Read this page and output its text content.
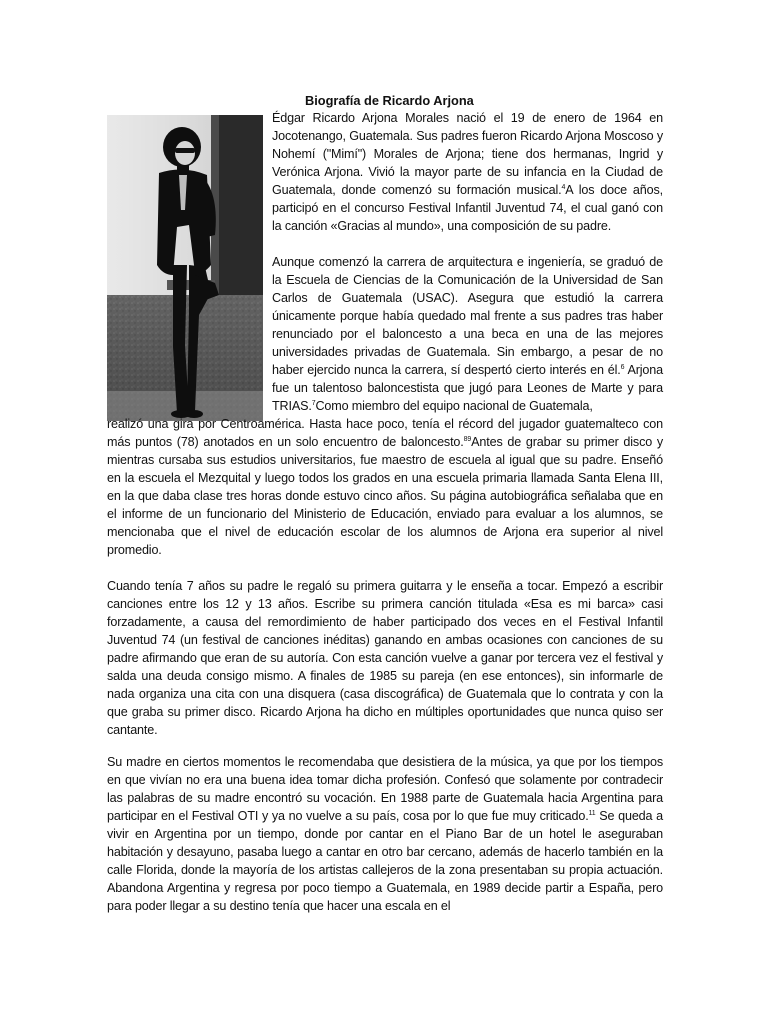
Biografía de Ricardo Arjona

Édgar Ricardo Arjona Morales nació el 19 de enero de 1964 en Jocotenango, Guatemala. Sus padres fueron Ricardo Arjona Moscoso y Nohemí ("Mimí") Morales de Arjona; tiene dos hermanas, Ingrid y Verónica Arjona. Vivió la mayor parte de su infancia en la Ciudad de Guatemala, donde comenzó su formación musical.$^4$A los doce años, participó en el concurso Festival Infantil Juventud 74, el cual ganó con la canción «Gracias al mundo», una composición de su padre.

Aunque comenzó la carrera de arquitectura e ingeniería, se graduó de la Escuela de Ciencias de la Comunicación de la Universidad de San Carlos de Guatemala (USAC). Asegura que estudió la carrera únicamente porque había quedado mal frente a sus padres tras haber renunciado por el baloncesto a una beca en una de las mejores universidades privadas de Guatemala. Sin embargo, a pesar de no haber ejercido nunca la carrera, sí despertó cierto interés en él.$^6$ Arjona fue un talentoso baloncestista que jugó para Leones de Marte y para TRIAS.$^7$Como miembro del equipo nacional de Guatemala,

realizó una gira por Centroamérica. Hasta hace poco, tenía el récord del jugador guatemalteco con más puntos (78) anotados en un solo encuentro de baloncesto.$^{89}$Antes de grabar su primer disco y mientras cursaba sus estudios universitarios, fue maestro de escuela al igual que su padre. Enseñó en la escuela el Mezquital y luego todos los grados en una escuela primaria llamada Santa Elena III, en la que daba clase tres horas donde estuvo cinco años. Su página autobiográfica señalaba que en el informe de un funcionario del Ministerio de Educación, enviado para evaluar a los alumnos, se mencionaba que el nivel de educación escolar de los alumnos de Arjona era superior al nivel promedio.

Cuando tenía 7 años su padre le regaló su primera guitarra y le enseña a tocar. Empezó a escribir canciones entre los 12 y 13 años. Escribe su primera canción titulada «Esa es mi barca» casi forzadamente, a causa del remordimiento de haber participado dos veces en el Festival Infantil Juventud 74 (un festival de canciones inéditas) ganando en ambas ocasiones con canciones de su padre afirmando que eran de su autoría. Con esta canción vuelve a ganar por tercera vez el festival y salda una deuda consigo mismo. A finales de 1985 su pareja (en ese entonces), sin informarle de nada organiza una cita con una disquera (casa discográfica) de Guatemala que lo contrata y con la que graba su primer disco. Ricardo Arjona ha dicho en múltiples oportunidades que nunca quiso ser cantante.

Su madre en ciertos momentos le recomendaba que desistiera de la música, ya que por los tiempos en que vivían no era una buena idea tomar dicha profesión. Confesó que solamente por contradecir las palabras de su madre encontró su vocación. En 1988 parte de Guatemala hacia Argentina para participar en el Festival OTI y ya no vuelve a su país, cosa por lo que fue muy criticado.$^{11}$ Se queda a vivir en Argentina por un tiempo, donde por cantar en el Piano Bar de un hotel le aseguraban habitación y desayuno, pasaba luego a cantar en otro bar cercano, además de hacerlo también en la calle Florida, donde la mayoría de los artistas callejeros de la zona presentaban su propia actuación. Abandona Argentina y regresa por poco tiempo a Guatemala, en 1989 decide partir a España, pero para poder llegar a su destino tenía que hacer una escala en el
